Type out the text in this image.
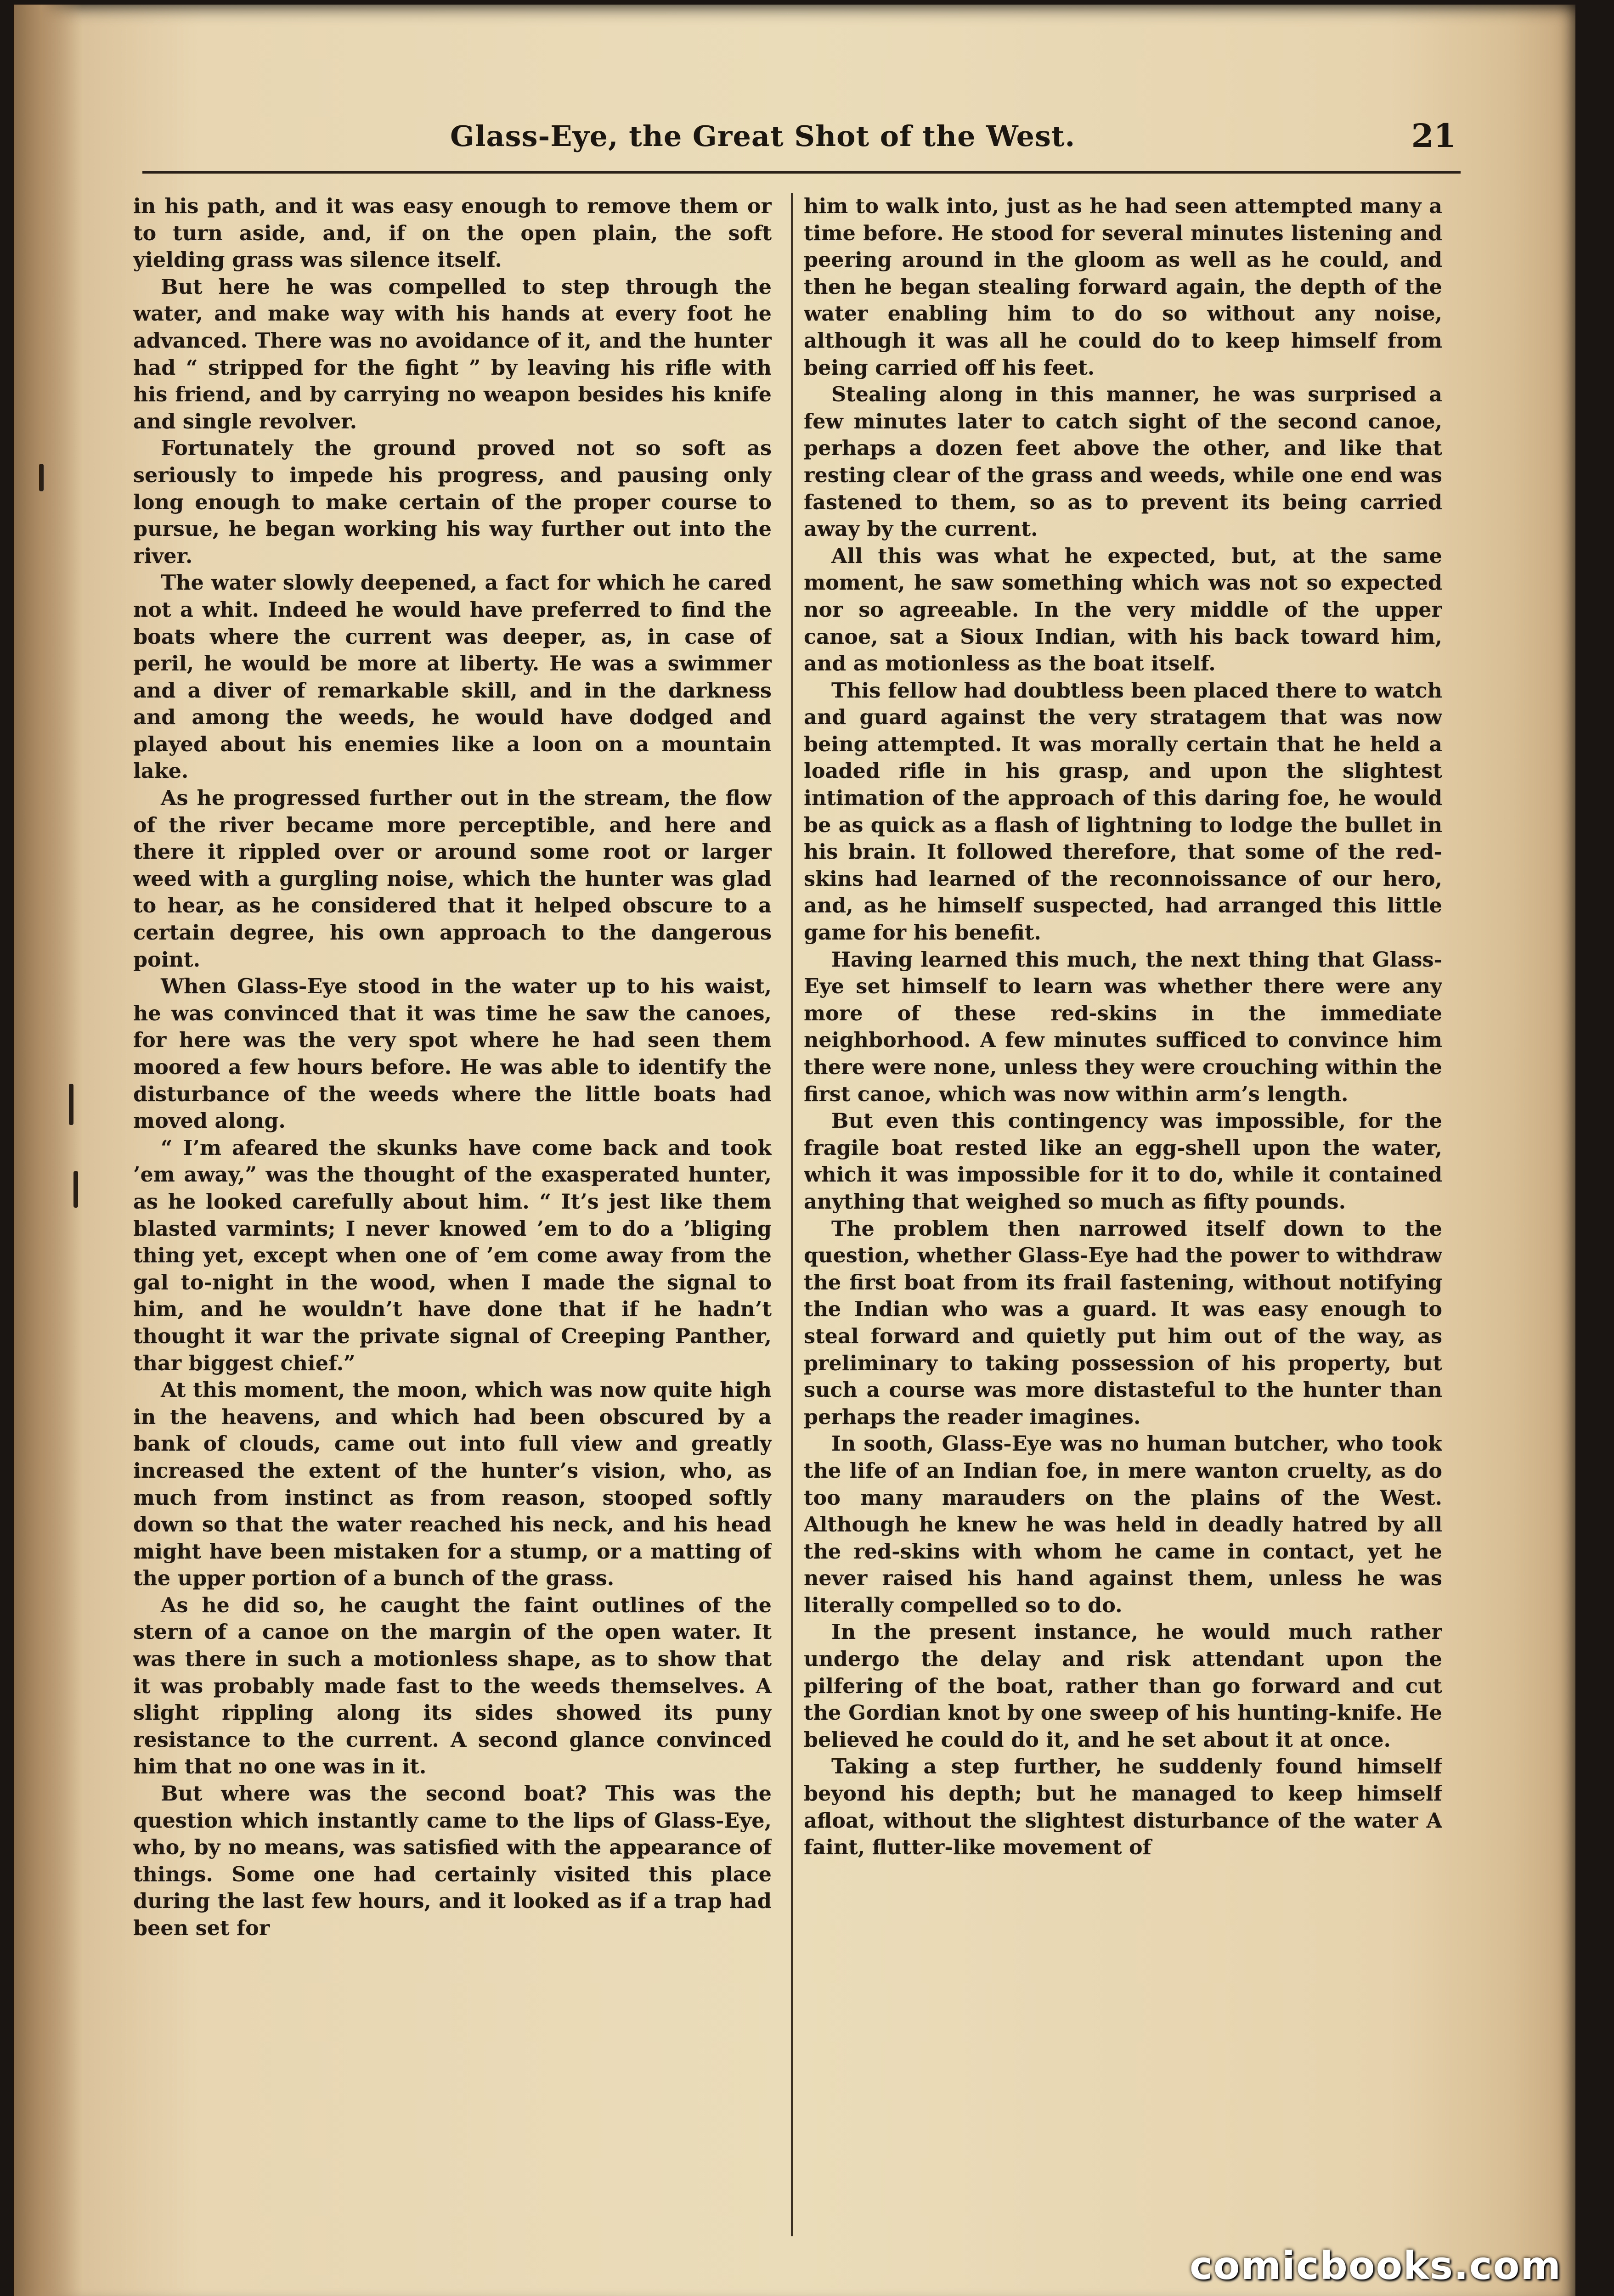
Glass-Eye, the Great Shot of the West.	21

in his path, and it was easy enough to remove them or to turn aside, and, if on the open plain, the soft yielding grass was silence itself.

But here he was compelled to step through the water, and make way with his hands at every foot he advanced. There was no avoidance of it, and the hunter had “ stripped for the fight ” by leaving his rifle with his friend, and by carrying no weapon besides his knife and single revolver.

Fortunately the ground proved not so soft as seriously to impede his progress, and pausing only long enough to make certain of the proper course to pursue, he began working his way further out into the river.

The water slowly deepened, a fact for which he cared not a whit. Indeed he would have preferred to find the boats where the current was deeper, as, in case of peril, he would be more at liberty. He was a swimmer and a diver of remarkable skill, and in the darkness and among the weeds, he would have dodged and played about his enemies like a loon on a mountain lake.

As he progressed further out in the stream, the flow of the river became more perceptible, and here and there it rippled over or around some root or larger weed with a gurgling noise, which the hunter was glad to hear, as he considered that it helped obscure to a certain degree, his own approach to the dangerous point.

When Glass-Eye stood in the water up to his waist, he was convinced that it was time he saw the canoes, for here was the very spot where he had seen them moored a few hours before. He was able to identify the disturbance of the weeds where the little boats had moved along.

“ I’m afeared the skunks have come back and took ’em away,” was the thought of the exasperated hunter, as he looked carefully about him. “ It’s jest like them blasted varmints; I never knowed ’em to do a ’bliging thing yet, except when one of ’em come away from the gal to-night in the wood, when I made the signal to him, and he wouldn’t have done that if he hadn’t thought it war the private signal of Creeping Panther, thar biggest chief.”

At this moment, the moon, which was now quite high in the heavens, and which had been obscured by a bank of clouds, came out into full view and greatly increased the extent of the hunter’s vision, who, as much from instinct as from reason, stooped softly down so that the water reached his neck, and his head might have been mistaken for a stump, or a matting of the upper portion of a bunch of the grass.

As he did so, he caught the faint outlines of the stern of a canoe on the margin of the open water. It was there in such a motionless shape, as to show that it was probably made fast to the weeds themselves. A slight rippling along its sides showed its puny resistance to the current. A second glance convinced him that no one was in it.

But where was the second boat? This was the question which instantly came to the lips of Glass-Eye, who, by no means, was satisfied with the appearance of things. Some one had certainly visited this place during the last few hours, and it looked as if a trap had been set for

him to walk into, just as he had seen attempted many a time before. He stood for several minutes listening and peering around in the gloom as well as he could, and then he began stealing forward again, the depth of the water enabling him to do so without any noise, although it was all he could do to keep himself from being carried off his feet.

Stealing along in this manner, he was surprised a few minutes later to catch sight of the second canoe, perhaps a dozen feet above the other, and like that resting clear of the grass and weeds, while one end was fastened to them, so as to prevent its being carried away by the current.

All this was what he expected, but, at the same moment, he saw something which was not so expected nor so agreeable. In the very middle of the upper canoe, sat a Sioux Indian, with his back toward him, and as motionless as the boat itself.

This fellow had doubtless been placed there to watch and guard against the very stratagem that was now being attempted. It was morally certain that he held a loaded rifle in his grasp, and upon the slightest intimation of the approach of this daring foe, he would be as quick as a flash of lightning to lodge the bullet in his brain. It followed therefore, that some of the red-skins had learned of the reconnoissance of our hero, and, as he himself suspected, had arranged this little game for his benefit.

Having learned this much, the next thing that Glass-Eye set himself to learn was whether there were any more of these red-skins in the immediate neighborhood. A few minutes sufficed to convince him there were none, unless they were crouching within the first canoe, which was now within arm’s length.

But even this contingency was impossible, for the fragile boat rested like an egg-shell upon the water, which it was impossible for it to do, while it contained anything that weighed so much as fifty pounds.

The problem then narrowed itself down to the question, whether Glass-Eye had the power to withdraw the first boat from its frail fastening, without notifying the Indian who was a guard. It was easy enough to steal forward and quietly put him out of the way, as preliminary to taking possession of his property, but such a course was more distasteful to the hunter than perhaps the reader imagines.

In sooth, Glass-Eye was no human butcher, who took the life of an Indian foe, in mere wanton cruelty, as do too many marauders on the plains of the West. Although he knew he was held in deadly hatred by all the red-skins with whom he came in contact, yet he never raised his hand against them, unless he was literally compelled so to do.

In the present instance, he would much rather undergo the delay and risk attendant upon the pilfering of the boat, rather than go forward and cut the Gordian knot by one sweep of his hunting-knife. He believed he could do it, and he set about it at once.

Taking a step further, he suddenly found himself beyond his depth; but he managed to keep himself afloat, without the slightest disturbance of the water A faint, flutter-like movement of

comicbooks.com
